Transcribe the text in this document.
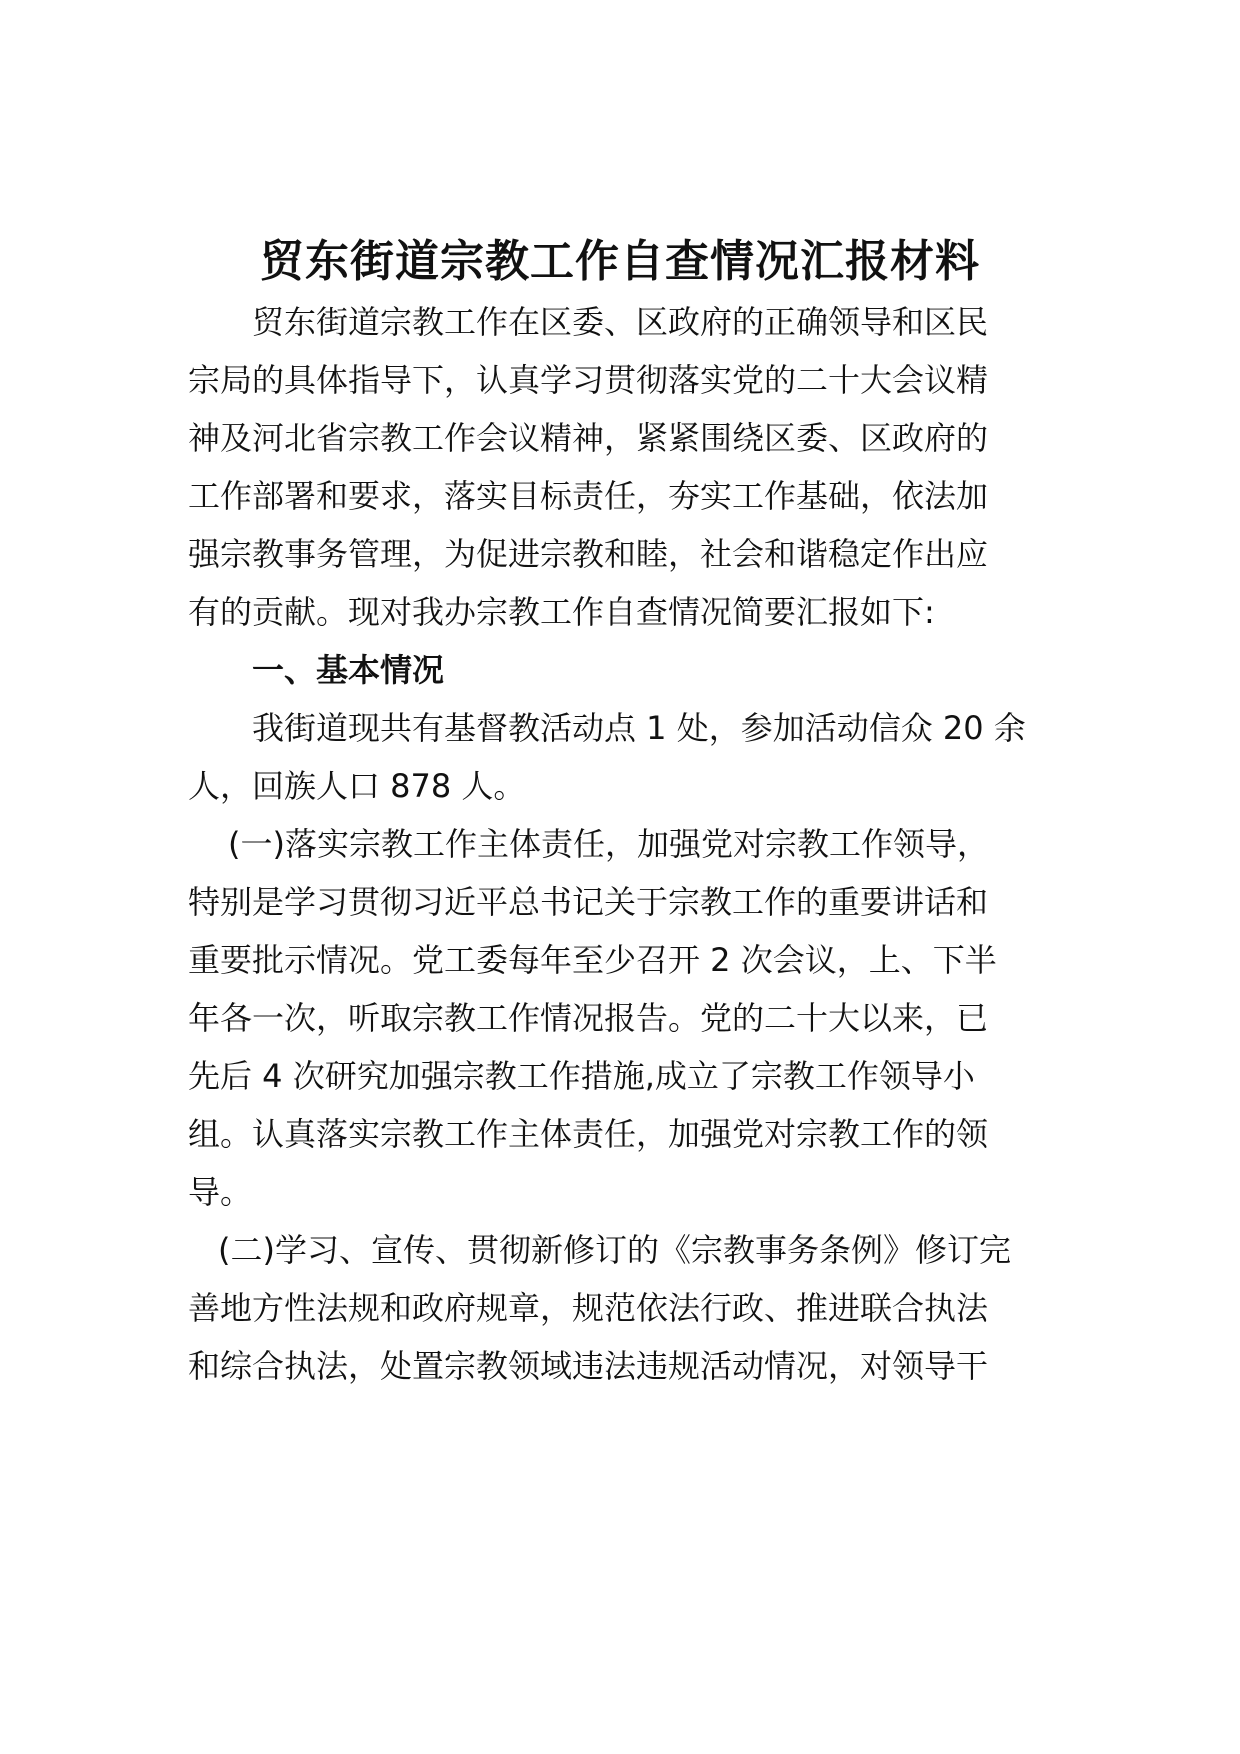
贸东街道宗教工作自查情况汇报材料
贸东街道宗教工作在区委、区政府的正确领导和区民
宗局的具体指导下，认真学习贯彻落实党的二十大会议精
神及河北省宗教工作会议精神，紧紧围绕区委、区政府的
工作部署和要求，落实目标责任，夯实工作基础，依法加
强宗教事务管理，为促进宗教和睦，社会和谐稳定作出应
有的贡献。现对我办宗教工作自查情况简要汇报如下:
一、基本情况
我街道现共有基督教活动点 1 处，参加活动信众 20 余
人，回族人口 878 人。
(一)落实宗教工作主体责任，加强党对宗教工作领导，
特别是学习贯彻习近平总书记关于宗教工作的重要讲话和
重要批示情况。党工委每年至少召开 2 次会议，上、下半
年各一次，听取宗教工作情况报告。党的二十大以来，已
先后 4 次研究加强宗教工作措施,成立了宗教工作领导小
组。认真落实宗教工作主体责任，加强党对宗教工作的领
导。
(二)学习、宣传、贯彻新修订的《宗教事务条例》修订完
善地方性法规和政府规章，规范依法行政、推进联合执法
和综合执法，处置宗教领域违法违规活动情况，对领导干
